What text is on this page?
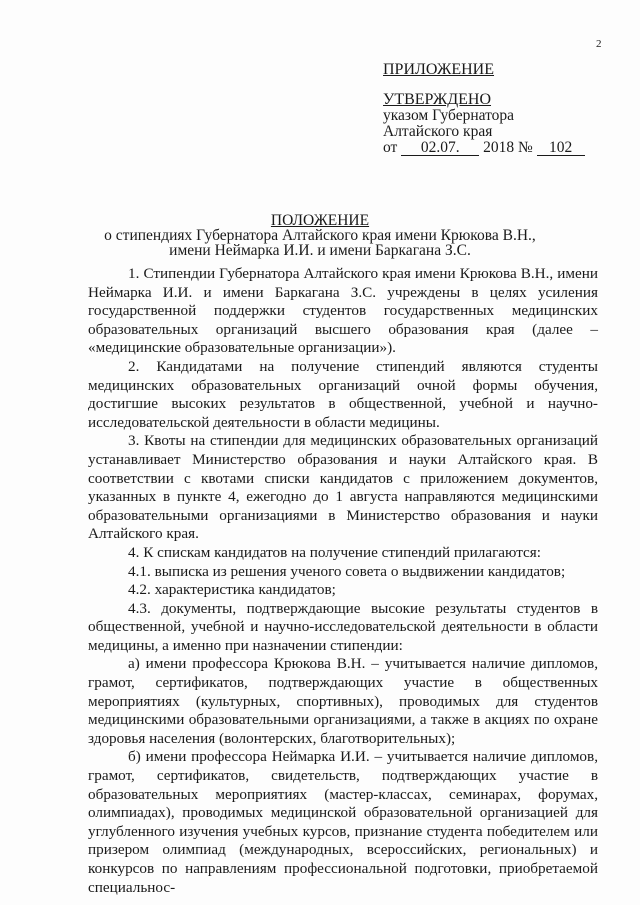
2
ПРИЛОЖЕНИЕ
УТВЕРЖДЕНО
указом Губернатора
Алтайского края
от 02.07. 2018 № 102
ПОЛОЖЕНИЕ
о стипендиях Губернатора Алтайского края имени Крюкова В.Н.,
имени Неймарка И.И. и имени Баркагана З.С.

1. Стипендии Губернатора Алтайского края имени Крюкова В.Н., имени Неймарка И.И. и имени Баркагана З.С. учреждены в целях усиления государственной поддержки студентов государственных медицинских образовательных организаций высшего образования края (далее – «медицинские образовательные организации»).

2. Кандидатами на получение стипендий являются студенты медицинских образовательных организаций очной формы обучения, достигшие высоких результатов в общественной, учебной и научно-исследовательской деятельности в области медицины.

3. Квоты на стипендии для медицинских образовательных организаций устанавливает Министерство образования и науки Алтайского края. В соответствии с квотами списки кандидатов с приложением документов, указанных в пункте 4, ежегодно до 1 августа направляются медицинскими образовательными организациями в Министерство образования и науки Алтайского края.

4. К спискам кандидатов на получение стипендий прилагаются:

4.1. выписка из решения ученого совета о выдвижении кандидатов;

4.2. характеристика кандидатов;

4.3. документы, подтверждающие высокие результаты студентов в общественной, учебной и научно-исследовательской деятельности в области медицины, а именно при назначении стипендии:

а) имени профессора Крюкова В.Н. – учитывается наличие дипломов, грамот, сертификатов, подтверждающих участие в общественных мероприятиях (культурных, спортивных), проводимых для студентов медицинскими образовательными организациями, а также в акциях по охране здоровья населения (волонтерских, благотворительных);

б) имени профессора Неймарка И.И. – учитывается наличие дипломов, грамот, сертификатов, свидетельств, подтверждающих участие в образовательных мероприятиях (мастер-классах, семинарах, форумах, олимпиадах), проводимых медицинской образовательной организацией для углубленного изучения учебных курсов, признание студента победителем или призером олимпиад (международных, всероссийских, региональных) и конкурсов по направлениям профессиональной подготовки, приобретаемой специальнос-
